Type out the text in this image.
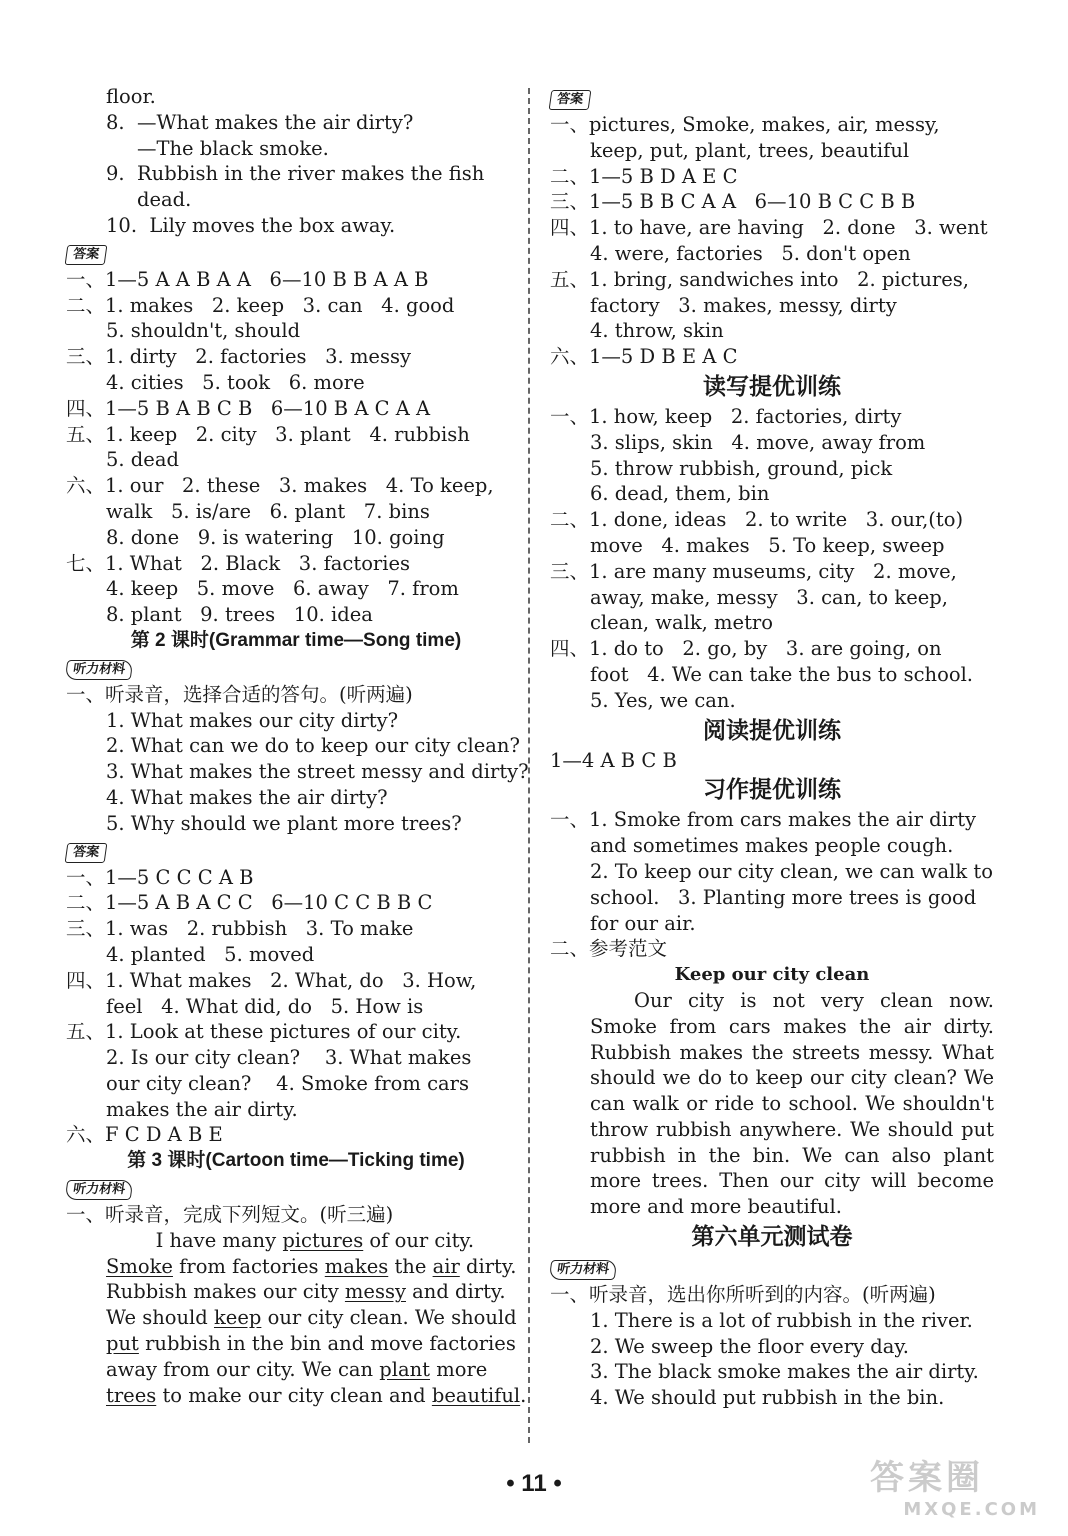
floor.
8.  —What makes the air dirty?
—The black smoke.
9.  Rubbish in the river makes the fish
dead.
10.  Lily moves the box away.
答案
一、1—5 A A B A A   6—10 B B A A B
二、1. makes   2. keep   3. can   4. good
5. shouldn't, should
三、1. dirty   2. factories   3. messy
4. cities   5. took   6. more
四、1—5 B A B C B   6—10 B A C A A
五、1. keep   2. city   3. plant   4. rubbish
5. dead
六、1. our   2. these   3. makes   4. To keep,
walk   5. is/are   6. plant   7. bins
8. done   9. is watering   10. going
七、1. What   2. Black   3. factories
4. keep   5. move   6. away   7. from
8. plant   9. trees   10. idea
第 2 课时(Grammar time—Song time)
听力材料
一、听录音，选择合适的答句。(听两遍)
1. What makes our city dirty?
2. What can we do to keep our city clean?
3. What makes the street messy and dirty?
4. What makes the air dirty?
5. Why should we plant more trees?
答案
一、1—5 C C C A B
二、1—5 A B A C C   6—10 C C B B C
三、1. was   2. rubbish   3. To make
4. planted   5. moved
四、1. What makes   2. What, do   3. How,
feel   4. What did, do   5. How is
五、1. Look at these pictures of our city.
2. Is our city clean?    3. What makes
our city clean?    4. Smoke from cars
makes the air dirty.
六、F C D A B E
第 3 课时(Cartoon time—Ticking time)
听力材料
一、听录音，完成下列短文。(听三遍)
I have many pictures of our city.
Smoke from factories makes the air dirty.
Rubbish makes our city messy and dirty.
We should keep our city clean. We should
put rubbish in the bin and move factories
away from our city. We can plant more
trees to make our city clean and beautiful.
答案
一、pictures, Smoke, makes, air, messy,
keep, put, plant, trees, beautiful
二、1—5 B D A E C
三、1—5 B B C A A   6—10 B C C B B
四、1. to have, are having   2. done   3. went
4. were, factories   5. don't open
五、1. bring, sandwiches into   2. pictures,
factory   3. makes, messy, dirty
4. throw, skin
六、1—5 D B E A C
读写提优训练
一、1. how, keep   2. factories, dirty
3. slips, skin   4. move, away from
5. throw rubbish, ground, pick
6. dead, them, bin
二、1. done, ideas   2. to write   3. our,(to)
move   4. makes   5. To keep, sweep
三、1. are many museums, city   2. move,
away, make, messy   3. can, to keep,
clean, walk, metro
四、1. do to   2. go, by   3. are going, on
foot   4. We can take the bus to school.
5. Yes, we can.
阅读提优训练
1—4 A B C B
习作提优训练
一、1. Smoke from cars makes the air dirty
and sometimes makes people cough.
2. To keep our city clean, we can walk to
school.   3. Planting more trees is good
for our air.
二、参考范文
Keep our city clean

Our city is not very clean now. Smoke from cars makes the air dirty. Rubbish makes the streets messy. What should we do to keep our city clean? We can walk or ride to school. We shouldn't throw rubbish anywhere. We should put rubbish in the bin. We can also plant more trees. Then our city will become more and more beautiful.

第六单元测试卷
听力材料
一、听录音，选出你所听到的内容。(听两遍)
1. There is a lot of rubbish in the river.
2. We sweep the floor every day.
3. The black smoke makes the air dirty.
4. We should put rubbish in the bin.
• 11 •	答案圈
MXQE.COM
